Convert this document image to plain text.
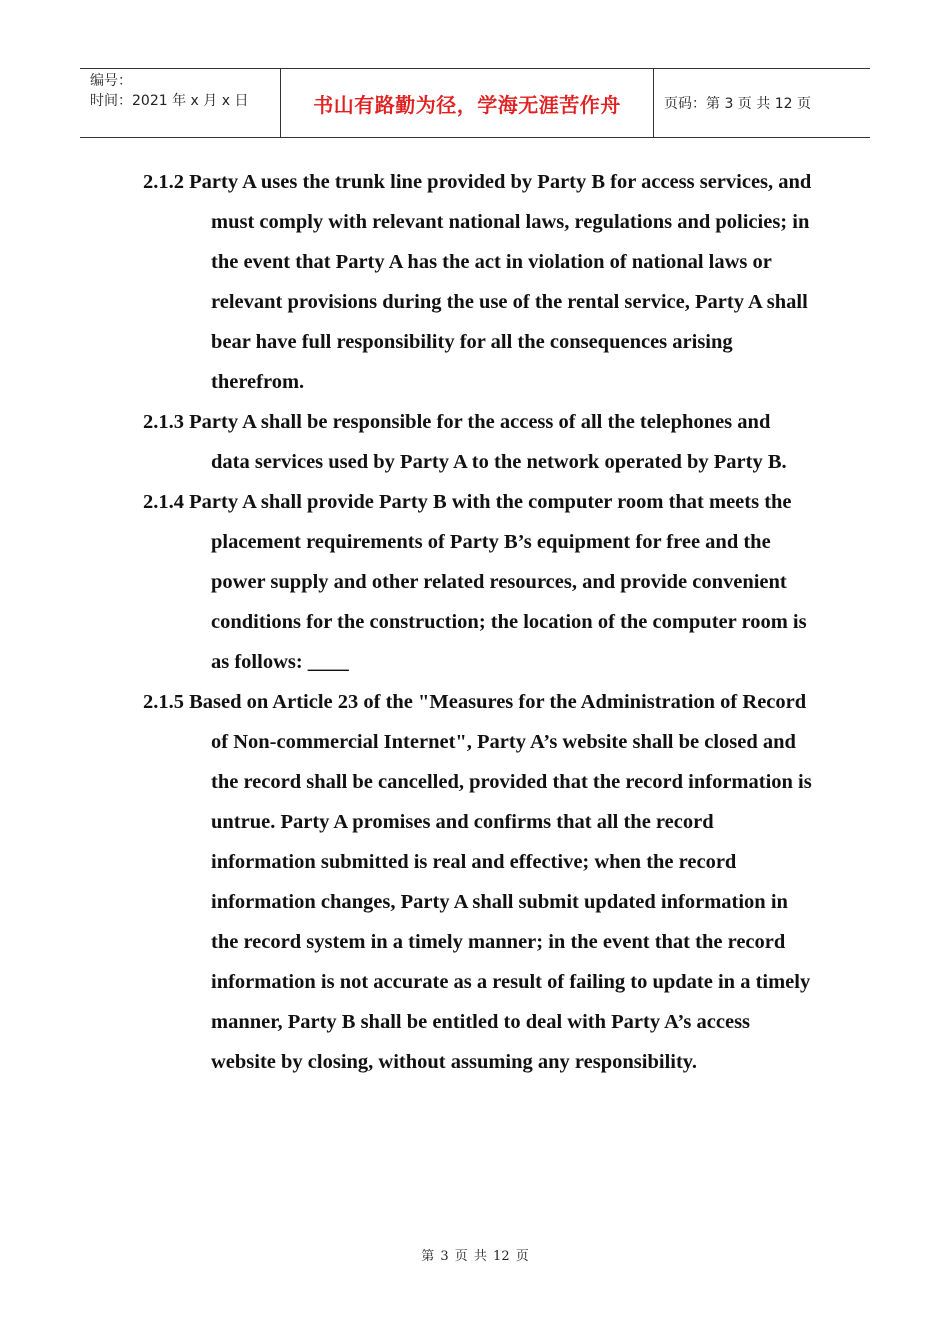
编号：
时间：2021 年 x 月 x 日	书山有路勤为径，学海无涯苦作舟	页码：第 3 页 共 12 页

2.1.2 Party A uses the trunk line provided by Party B for access services, and must comply with relevant national laws, regulations and policies; in the event that Party A has the act in violation of national laws or relevant provisions during the use of the rental service, Party A shall bear have full responsibility for all the consequences arising therefrom.

2.1.3 Party A shall be responsible for the access of all the telephones and data services used by Party A to the network operated by Party B.

2.1.4 Party A shall provide Party B with the computer room that meets the placement requirements of Party B’s equipment for free and the power supply and other related resources, and provide convenient conditions for the construction; the location of the computer room is as follows: ____

2.1.5 Based on Article 23 of the "Measures for the Administration of Record of Non-commercial Internet", Party A’s website shall be closed and the record shall be cancelled, provided that the record information is untrue. Party A promises and confirms that all the record information submitted is real and effective; when the record information changes, Party A shall submit updated information in the record system in a timely manner; in the event that the record information is not accurate as a result of failing to update in a timely manner, Party B shall be entitled to deal with Party A’s access website by closing, without assuming any responsibility.

第 3 页 共 12 页
